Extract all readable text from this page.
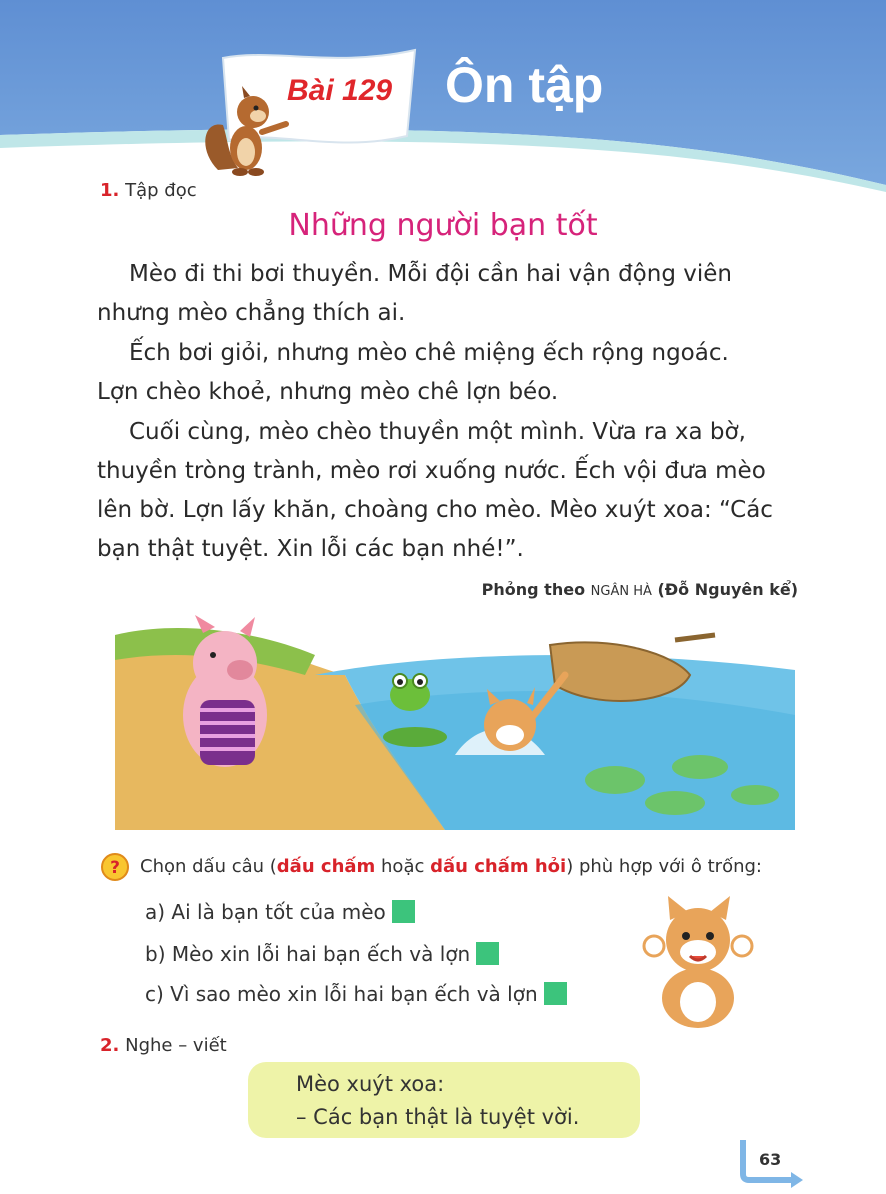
Bài 129 Ôn tập
1. Tập đọc
Những người bạn tốt

Mèo đi thi bơi thuyền. Mỗi đội cần hai vận động viên

nhưng mèo chẳng thích ai.

Ếch bơi giỏi, nhưng mèo chê miệng ếch rộng ngoác.

Lợn chèo khoẻ, nhưng mèo chê lợn béo.

Cuối cùng, mèo chèo thuyền một mình. Vừa ra xa bờ,

thuyền tròng trành, mèo rơi xuống nước. Ếch vội đưa mèo
lên bờ. Lợn lấy khăn, choàng cho mèo. Mèo xuýt xoa: “Các
bạn thật tuyệt. Xin lỗi các bạn nhé!”.
Phỏng theo NGÂN HÀ (Đỗ Nguyên kể)
? Chọn dấu câu (dấu chấm hoặc dấu chấm hỏi) phù hợp với ô trống:
a) Ai là bạn tốt của mèo
b) Mèo xin lỗi hai bạn ếch và lợn
c) Vì sao mèo xin lỗi hai bạn ếch và lợn
2. Nghe – viết
Mèo xuýt xoa:
– Các bạn thật là tuyệt vời.
63
